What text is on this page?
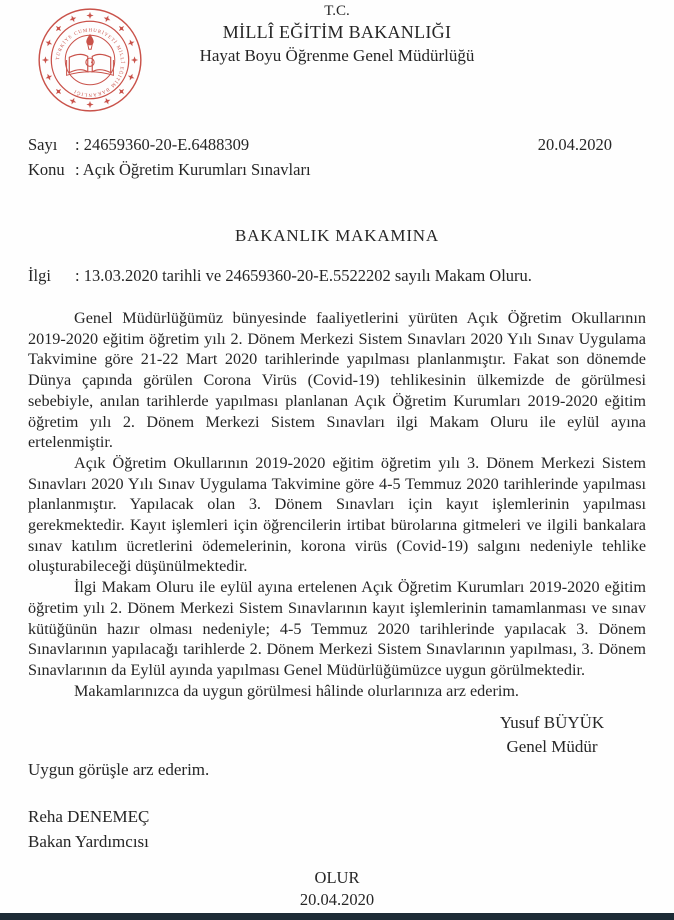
TÜRKİYE CUMHURİYETİ MİLLÎ EĞİTİM BAKANLIĞI
T.C.
MİLLÎ EĞİTİM BAKANLIĞI
Hayat Boyu Öğrenme Genel Müdürlüğü
Sayı : 24659360-20-E.6488309
Konu : Açık Öğretim Kurumları Sınavları
20.04.2020
BAKANLIK MAKAMINA
İlgi : 13.03.2020 tarihli ve 24659360-20-E.5522202 sayılı Makam Oluru.

Genel Müdürlüğümüz bünyesinde faaliyetlerini yürüten Açık Öğretim Okullarının 2019-2020 eğitim öğretim yılı 2. Dönem Merkezi Sistem Sınavları 2020 Yılı Sınav Uygulama Takvimine göre 21-22 Mart 2020 tarihlerinde yapılması planlanmıştır. Fakat son dönemde Dünya çapında görülen Corona Virüs (Covid-19) tehlikesinin ülkemizde de görülmesi sebebiyle, anılan tarihlerde yapılması planlanan Açık Öğretim Kurumları 2019-2020 eğitim öğretim yılı 2. Dönem Merkezi Sistem Sınavları ilgi Makam Oluru ile eylül ayına ertelenmiştir.

Açık Öğretim Okullarının 2019-2020 eğitim öğretim yılı 3. Dönem Merkezi Sistem Sınavları 2020 Yılı Sınav Uygulama Takvimine göre 4-5 Temmuz 2020 tarihlerinde yapılması planlanmıştır. Yapılacak olan 3. Dönem Sınavları için kayıt işlemlerinin yapılması gerekmektedir. Kayıt işlemleri için öğrencilerin irtibat bürolarına gitmeleri ve ilgili bankalara sınav katılım ücretlerini ödemelerinin, korona virüs (Covid-19) salgını nedeniyle tehlike oluşturabileceği düşünülmektedir.

İlgi Makam Oluru ile eylül ayına ertelenen Açık Öğretim Kurumları 2019-2020 eğitim öğretim yılı 2. Dönem Merkezi Sistem Sınavlarının kayıt işlemlerinin tamamlanması ve sınav kütüğünün hazır olması nedeniyle; 4-5 Temmuz 2020 tarihlerinde yapılacak 3. Dönem Sınavlarının yapılacağı tarihlerde 2. Dönem Merkezi Sistem Sınavlarının yapılması, 3. Dönem Sınavlarının da Eylül ayında yapılması Genel Müdürlüğümüzce uygun görülmektedir.

Makamlarınızca da uygun görülmesi hâlinde olurlarınıza arz ederim.

Yusuf BÜYÜK
Genel Müdür
Uygun görüşle arz ederim.
Reha DENEMEÇ
Bakan Yardımcısı
OLUR
20.04.2020
